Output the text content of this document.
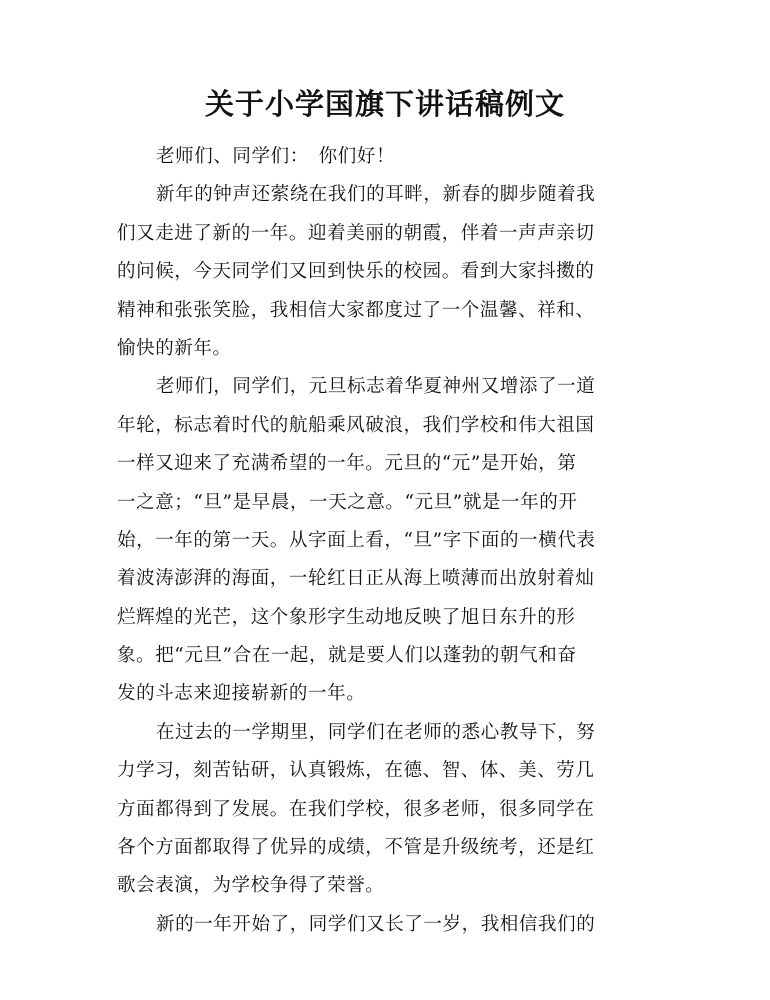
关于小学国旗下讲话稿例文
老师们、同学们：　你们好！
新年的钟声还萦绕在我们的耳畔，新春的脚步随着我
们又走进了新的一年。迎着美丽的朝霞，伴着一声声亲切
的问候，今天同学们又回到快乐的校园。看到大家抖擞的
精神和张张笑脸，我相信大家都度过了一个温馨、祥和、
愉快的新年。
老师们，同学们，元旦标志着华夏神州又增添了一道
年轮，标志着时代的航船乘风破浪，我们学校和伟大祖国
一样又迎来了充满希望的一年。元旦的“元”是开始，第
一之意；“旦”是早晨，一天之意。“元旦”就是一年的开
始，一年的第一天。从字面上看，“旦”字下面的一横代表
着波涛澎湃的海面，一轮红日正从海上喷薄而出放射着灿
烂辉煌的光芒，这个象形字生动地反映了旭日东升的形
象。把“元旦”合在一起，就是要人们以蓬勃的朝气和奋
发的斗志来迎接崭新的一年。
在过去的一学期里，同学们在老师的悉心教导下，努
力学习，刻苦钻研，认真锻炼，在德、智、体、美、劳几
方面都得到了发展。在我们学校，很多老师，很多同学在
各个方面都取得了优异的成绩，不管是升级统考，还是红
歌会表演，为学校争得了荣誉。
新的一年开始了，同学们又长了一岁，我相信我们的
